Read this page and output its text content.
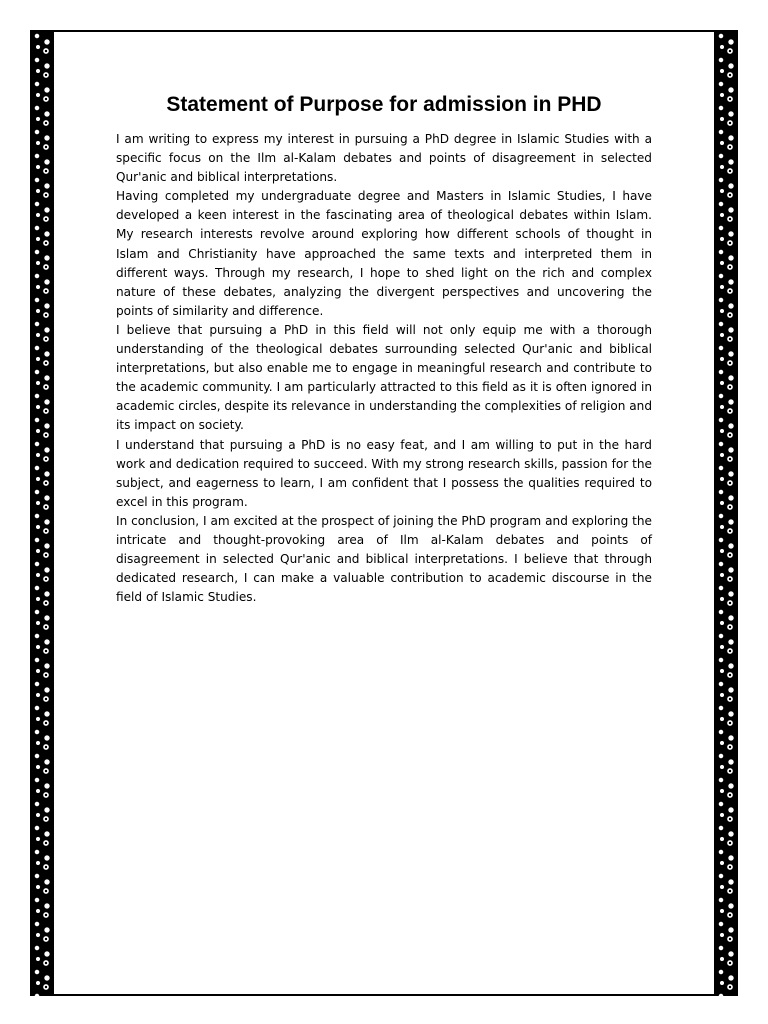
Statement of Purpose for admission in PHD

I am writing to express my interest in pursuing a PhD degree in Islamic Studies with a specific focus on the Ilm al-Kalam debates and points of disagreement in selected Qur'anic and biblical interpretations.

Having completed my undergraduate degree and Masters in Islamic Studies, I have developed a keen interest in the fascinating area of theological debates within Islam. My research interests revolve around exploring how different schools of thought in Islam and Christianity have approached the same texts and interpreted them in different ways. Through my research, I hope to shed light on the rich and complex nature of these debates, analyzing the divergent perspectives and uncovering the points of similarity and difference.

I believe that pursuing a PhD in this field will not only equip me with a thorough understanding of the theological debates surrounding selected Qur'anic and biblical interpretations, but also enable me to engage in meaningful research and contribute to the academic community. I am particularly attracted to this field as it is often ignored in academic circles, despite its relevance in understanding the complexities of religion and its impact on society.

I understand that pursuing a PhD is no easy feat, and I am willing to put in the hard work and dedication required to succeed. With my strong research skills, passion for the subject, and eagerness to learn, I am confident that I possess the qualities required to excel in this program.

In conclusion, I am excited at the prospect of joining the PhD program and exploring the intricate and thought-provoking area of Ilm al-Kalam debates and points of disagreement in selected Qur'anic and biblical interpretations. I believe that through dedicated research, I can make a valuable contribution to academic discourse in the field of Islamic Studies.
